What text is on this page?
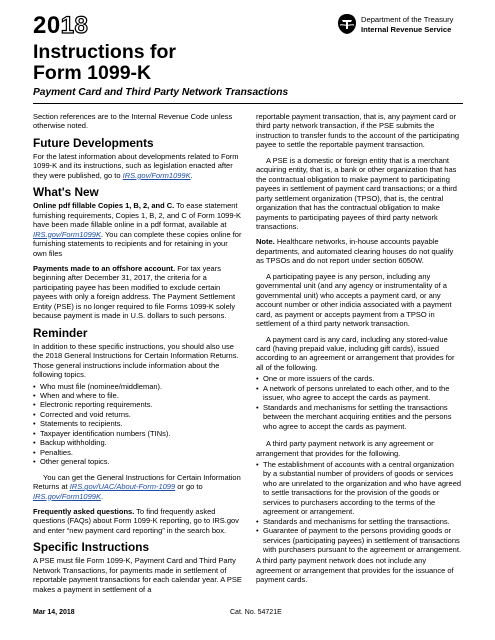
2018
Instructions for
Form 1099-K
Payment Card and Third Party Network Transactions
Department of the Treasury
Internal Revenue Service

Section references are to the Internal Revenue Code unless otherwise noted.

Future Developments

For the latest information about developments related to Form 1099-K and its instructions, such as legislation enacted after they were published, go to IRS.gov/Form1099K.

What's New

Online pdf fillable Copies 1, B, 2, and C. To ease statement furnishing requirements, Copies 1, B, 2, and C of Form 1099-K have been made fillable online in a pdf format, available at IRS.gov/Form1099K. You can complete these copies online for furnishing statements to recipients and for retaining in your own files

Payments made to an offshore account. For tax years beginning after December 31, 2017, the criteria for a participating payee has been modified to exclude certain payees with only a foreign address. The Payment Settlement Entity (PSE) is no longer required to file Forms 1099-K solely because payment is made in U.S. dollars to such persons.

Reminder

In addition to these specific instructions, you should also use the 2018 General Instructions for Certain Information Returns. Those general instructions include information about the following topics.

• Who must file (nominee/middleman).
• When and where to file.
• Electronic reporting requirements.
• Corrected and void returns.
• Statements to recipients.
• Taxpayer identification numbers (TINs).
• Backup withholding.
• Penalties.
• Other general topics.

You can get the General Instructions for Certain Information Returns at IRS.gov/UAC/About-Form-1099 or go to IRS.gov/Form1099K.

Frequently asked questions. To find frequently asked questions (FAQs) about Form 1099-K reporting, go to IRS.gov and enter “new payment card reporting” in the search box.

Specific Instructions

A PSE must file Form 1099-K, Payment Card and Third Party Network Transactions, for payments made in settlement of reportable payment transactions for each calendar year. A PSE makes a payment in settlement of a

reportable payment transaction, that is, any payment card or third party network transaction, if the PSE submits the instruction to transfer funds to the account of the participating payee to settle the reportable payment transaction.

A PSE is a domestic or foreign entity that is a merchant acquiring entity, that is, a bank or other organization that has the contractual obligation to make payment to participating payees in settlement of payment card transactions; or a third party settlement organization (TPSO), that is, the central organization that has the contractual obligation to make payments to participating payees of third party network transactions.

Note. Healthcare networks, in-house accounts payable departments, and automated clearing houses do not qualify as TPSOs and do not report under section 6050W.

A participating payee is any person, including any governmental unit (and any agency or instrumentality of a governmental unit) who accepts a payment card, or any account number or other indicia associated with a payment card, as payment or accepts payment from a TPSO in settlement of a third party network transaction.

A payment card is any card, including any stored-value card (having prepaid value, including gift cards), issued according to an agreement or arrangement that provides for all of the following.

• One or more issuers of the cards.
• A network of persons unrelated to each other, and to the issuer, who agree to accept the cards as payment.
• Standards and mechanisms for settling the transactions between the merchant acquiring entities and the persons who agree to accept the cards as payment.

A third party payment network is any agreement or arrangement that provides for the following.

• The establishment of accounts with a central organization by a substantial number of providers of goods or services who are unrelated to the organization and who have agreed to settle transactions for the provision of the goods or services to purchasers according to the terms of the agreement or arrangement.
• Standards and mechanisms for settling the transactions.
• Guarantee of payment to the persons providing goods or services (participating payees) in settlement of transactions with purchasers pursuant to the agreement or arrangement.

A third party payment network does not include any agreement or arrangement that provides for the issuance of payment cards.

Mar 14, 2018	Cat. No. 54721E
